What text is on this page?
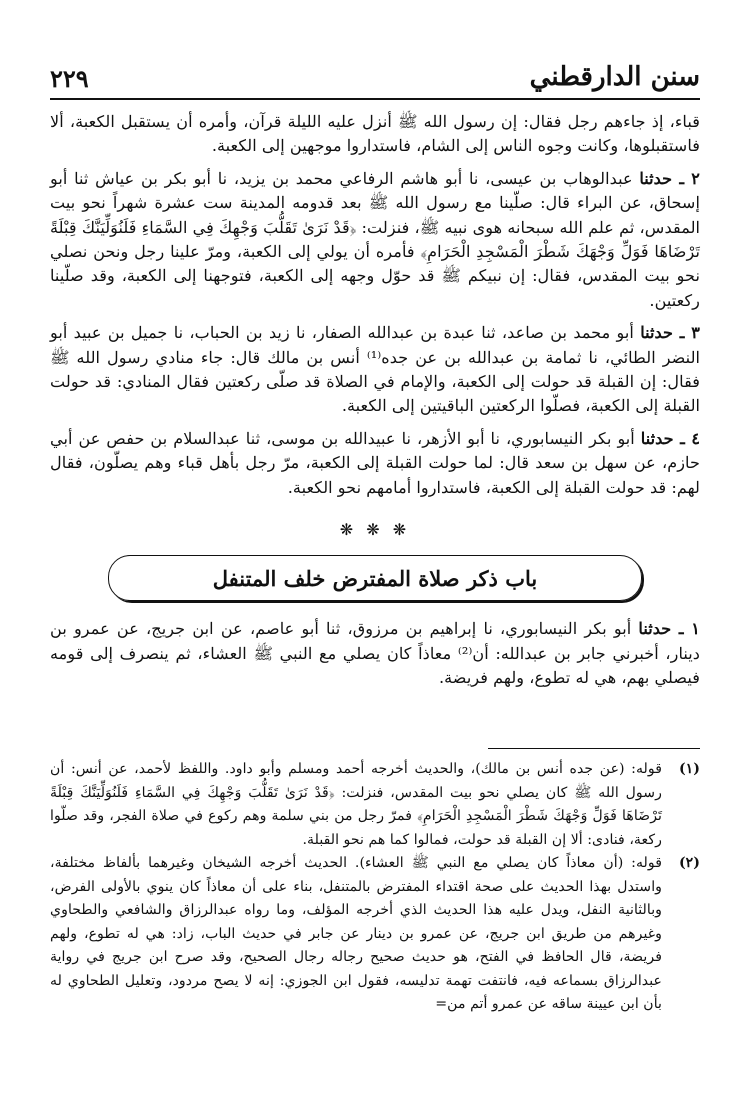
سنن الدارقطني
٢٢٩

قباء، إذ جاءهم رجل فقال: إن رسول الله ﷺ أنزل عليه الليلة قرآن، وأمره أن يستقبل الكعبة، ألا فاستقبلوها، وكانت وجوه الناس إلى الشام، فاستداروا موجهين إلى الكعبة.

٢ ـ حدثنا عبدالوهاب بن عيسى، نا أبو هاشم الرفاعي محمد بن يزيد، نا أبو بكر بن عياش ثنا أبو إسحاق، عن البراء قال: صلّينا مع رسول الله ﷺ بعد قدومه المدينة ست عشرة شهراً نحو بيت المقدس، ثم علم الله سبحانه هوى نبيه ﷺ، فنزلت: ﴿قَدْ نَرَىٰ تَقَلُّبَ وَجْهِكَ فِي السَّمَاءِ فَلَنُوَلِّيَنَّكَ قِبْلَةً تَرْضَاهَا فَوَلِّ وَجْهَكَ شَطْرَ الْمَسْجِدِ الْحَرَامِ﴾ فأمره أن يولي إلى الكعبة، ومرّ علينا رجل ونحن نصلي نحو بيت المقدس، فقال: إن نبيكم ﷺ قد حوّل وجهه إلى الكعبة، فتوجهنا إلى الكعبة، وقد صلّينا ركعتين.

٣ ـ حدثنا أبو محمد بن صاعد، ثنا عبدة بن عبدالله الصفار، نا زيد بن الحباب، نا جميل بن عبيد أبو النضر الطائي، نا ثمامة بن عبدالله بن عن جده⁽¹⁾ أنس بن مالك قال: جاء منادي رسول الله ﷺ فقال: إن القبلة قد حولت إلى الكعبة، والإمام في الصلاة قد صلّى ركعتين فقال المنادي: قد حولت القبلة إلى الكعبة، فصلّوا الركعتين الباقيتين إلى الكعبة.

٤ ـ حدثنا أبو بكر النيسابوري، نا أبو الأزهر، نا عبيدالله بن موسى، ثنا عبدالسلام بن حفص عن أبي حازم، عن سهل بن سعد قال: لما حولت القبلة إلى الكعبة، مرّ رجل بأهل قباء وهم يصلّون، فقال لهم: قد حولت القبلة إلى الكعبة، فاستداروا أمامهم نحو الكعبة.

❋ ❋ ❋
باب ذكر صلاة المفترض خلف المتنفل

١ ـ حدثنا أبو بكر النيسابوري، نا إبراهيم بن مرزوق، ثنا أبو عاصم، عن ابن جريج، عن عمرو بن دينار، أخبرني جابر بن عبدالله: أن⁽²⁾ معاذاً كان يصلي مع النبي ﷺ العشاء، ثم ينصرف إلى قومه فيصلي بهم، هي له تطوع، ولهم فريضة.

(١)
قوله: (عن جده أنس بن مالك)، والحديث أخرجه أحمد ومسلم وأبو داود. واللفظ لأحمد، عن أنس: أن رسول الله ﷺ كان يصلي نحو بيت المقدس، فنزلت: ﴿قَدْ نَرَىٰ تَقَلُّبَ وَجْهِكَ فِي السَّمَاءِ فَلَنُوَلِّيَنَّكَ قِبْلَةً تَرْضَاهَا فَوَلِّ وَجْهَكَ شَطْرَ الْمَسْجِدِ الْحَرَامِ﴾ فمرّ رجل من بني سلمة وهم ركوع في صلاة الفجر، وقد صلّوا ركعة، فنادى: ألا إن القبلة قد حولت، فمالوا كما هم نحو القبلة.
(٢)
قوله: (أن معاذاً كان يصلي مع النبي ﷺ العشاء). الحديث أخرجه الشيخان وغيرهما بألفاظ مختلفة، واستدل بهذا الحديث على صحة اقتداء المفترض بالمتنفل، بناء على أن معاذاً كان ينوي بالأولى الفرض، وبالثانية النفل، ويدل عليه هذا الحديث الذي أخرجه المؤلف، وما رواه عبدالرزاق والشافعي والطحاوي وغيرهم من طريق ابن جريج، عن عمرو بن دينار عن جابر في حديث الباب، زاد: هي له تطوع، ولهم فريضة، قال الحافظ في الفتح، هو حديث صحيح رجاله رجال الصحيح، وقد صرح ابن جريج في رواية عبدالرزاق بسماعه فيه، فانتفت تهمة تدليسه، فقول ابن الجوزي: إنه لا يصح مردود، وتعليل الطحاوي له بأن ابن عيينة ساقه عن عمرو أتم من=
